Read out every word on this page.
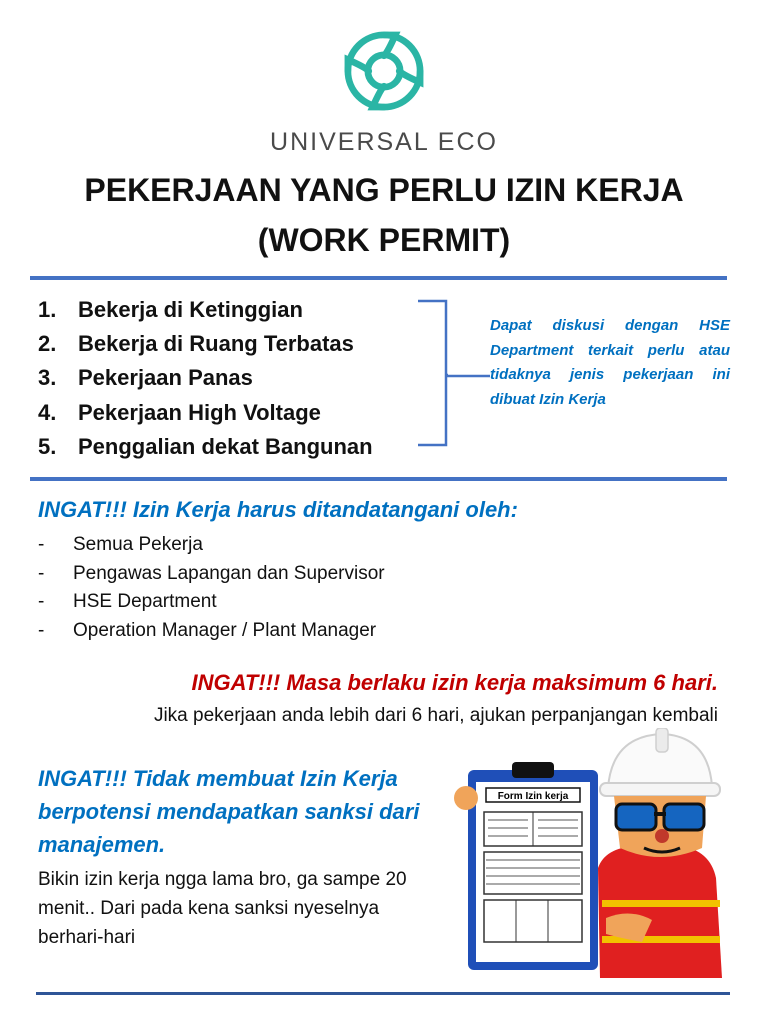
UNIVERSAL ECO
PEKERJAAN YANG PERLU IZIN KERJA
(WORK PERMIT)
1. Bekerja di Ketinggian
2. Bekerja di Ruang Terbatas
3. Pekerjaan Panas
4. Pekerjaan High Voltage
5. Penggalian dekat Bangunan
Dapat diskusi dengan HSE Department terkait perlu atau tidaknya jenis pekerjaan ini dibuat Izin Kerja
INGAT!!! Izin Kerja harus ditandatangani oleh:
- Semua Pekerja
- Pengawas Lapangan dan Supervisor
- HSE Department
- Operation Manager / Plant Manager
INGAT!!! Masa berlaku izin kerja maksimum 6 hari.
Jika pekerjaan anda lebih dari 6 hari, ajukan perpanjangan kembali
INGAT!!! Tidak membuat Izin Kerja berpotensi mendapatkan sanksi dari manajemen.
Bikin izin kerja ngga lama bro, ga sampe 20 menit.. Dari pada kena sanksi nyeselnya berhari-hari
Form Izin kerja
